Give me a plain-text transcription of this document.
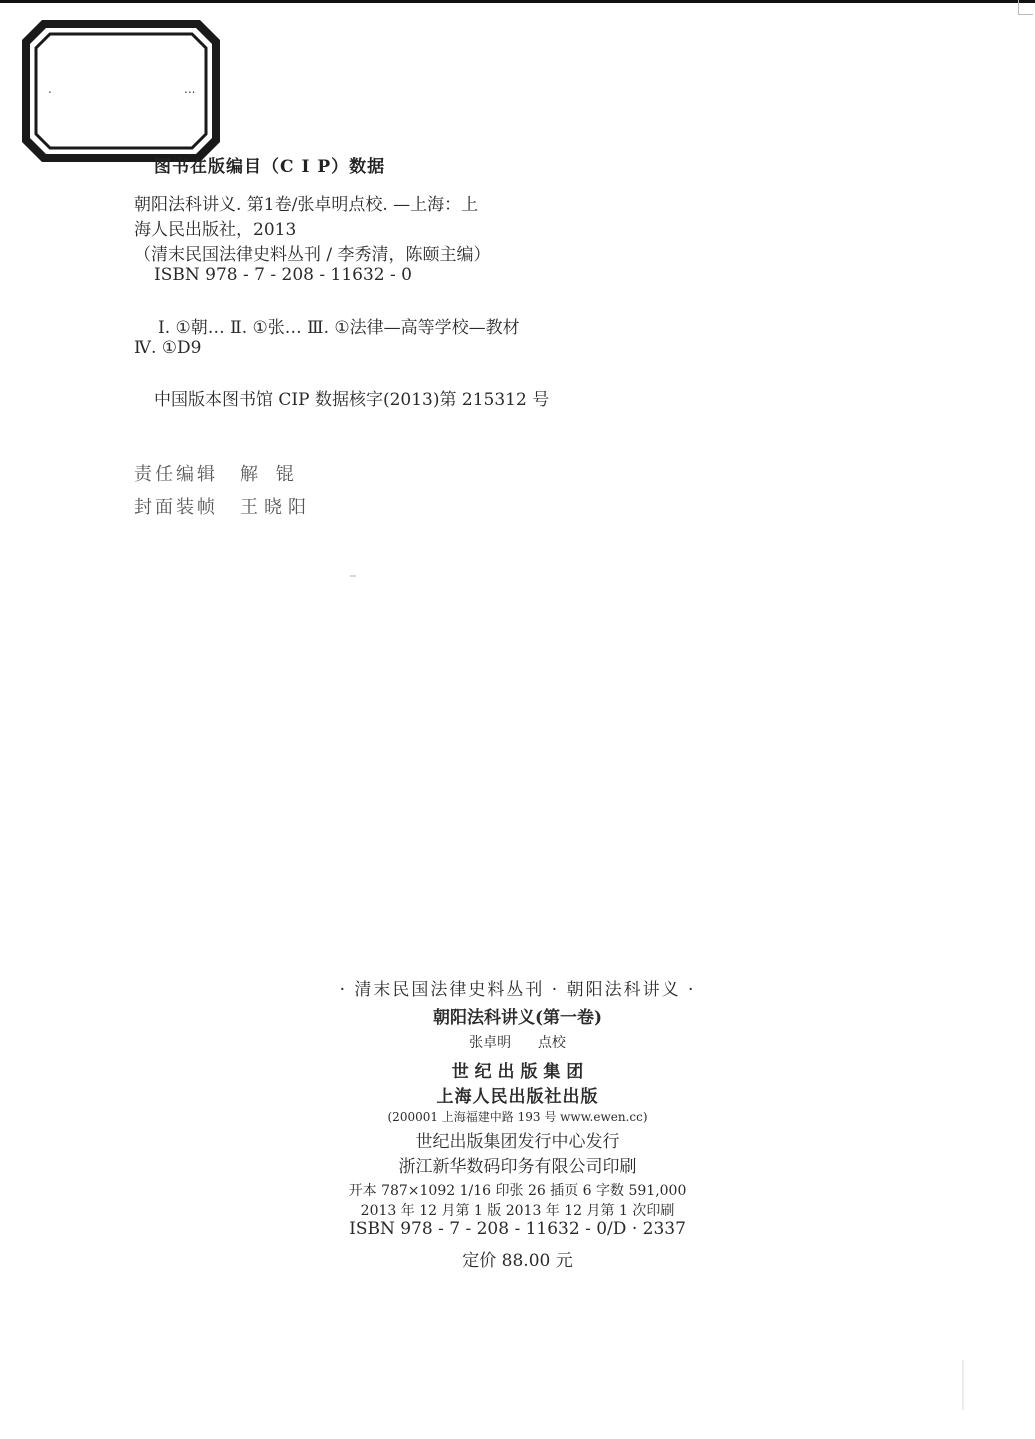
.	...
图书在版编目（C I P）数据
朝阳法科讲义. 第1卷/张卓明点校. —上海：上
海人民出版社，2013
（清末民国法律史料丛刊 / 李秀清，陈颐主编）
ISBN 978 - 7 - 208 - 11632 - 0
Ⅰ. ①朝… Ⅱ. ①张… Ⅲ. ①法律—高等学校—教材
Ⅳ. ①D9
中国版本图书馆 CIP 数据核字(2013)第 215312 号
责任编辑 解 锟
封面装帧 王晓阳
· 清末民国法律史料丛刊 · 朝阳法科讲义 ·
朝阳法科讲义(第一卷)
张卓明      点校
世 纪 出 版 集 团
上海人民出版社出版
(200001 上海福建中路 193 号 www.ewen.cc)
世纪出版集团发行中心发行
浙江新华数码印务有限公司印刷
开本 787×1092 1/16 印张 26 插页 6 字数 591,000
2013 年 12 月第 1 版 2013 年 12 月第 1 次印刷
ISBN 978 - 7 - 208 - 11632 - 0/D · 2337
定价 88.00 元
